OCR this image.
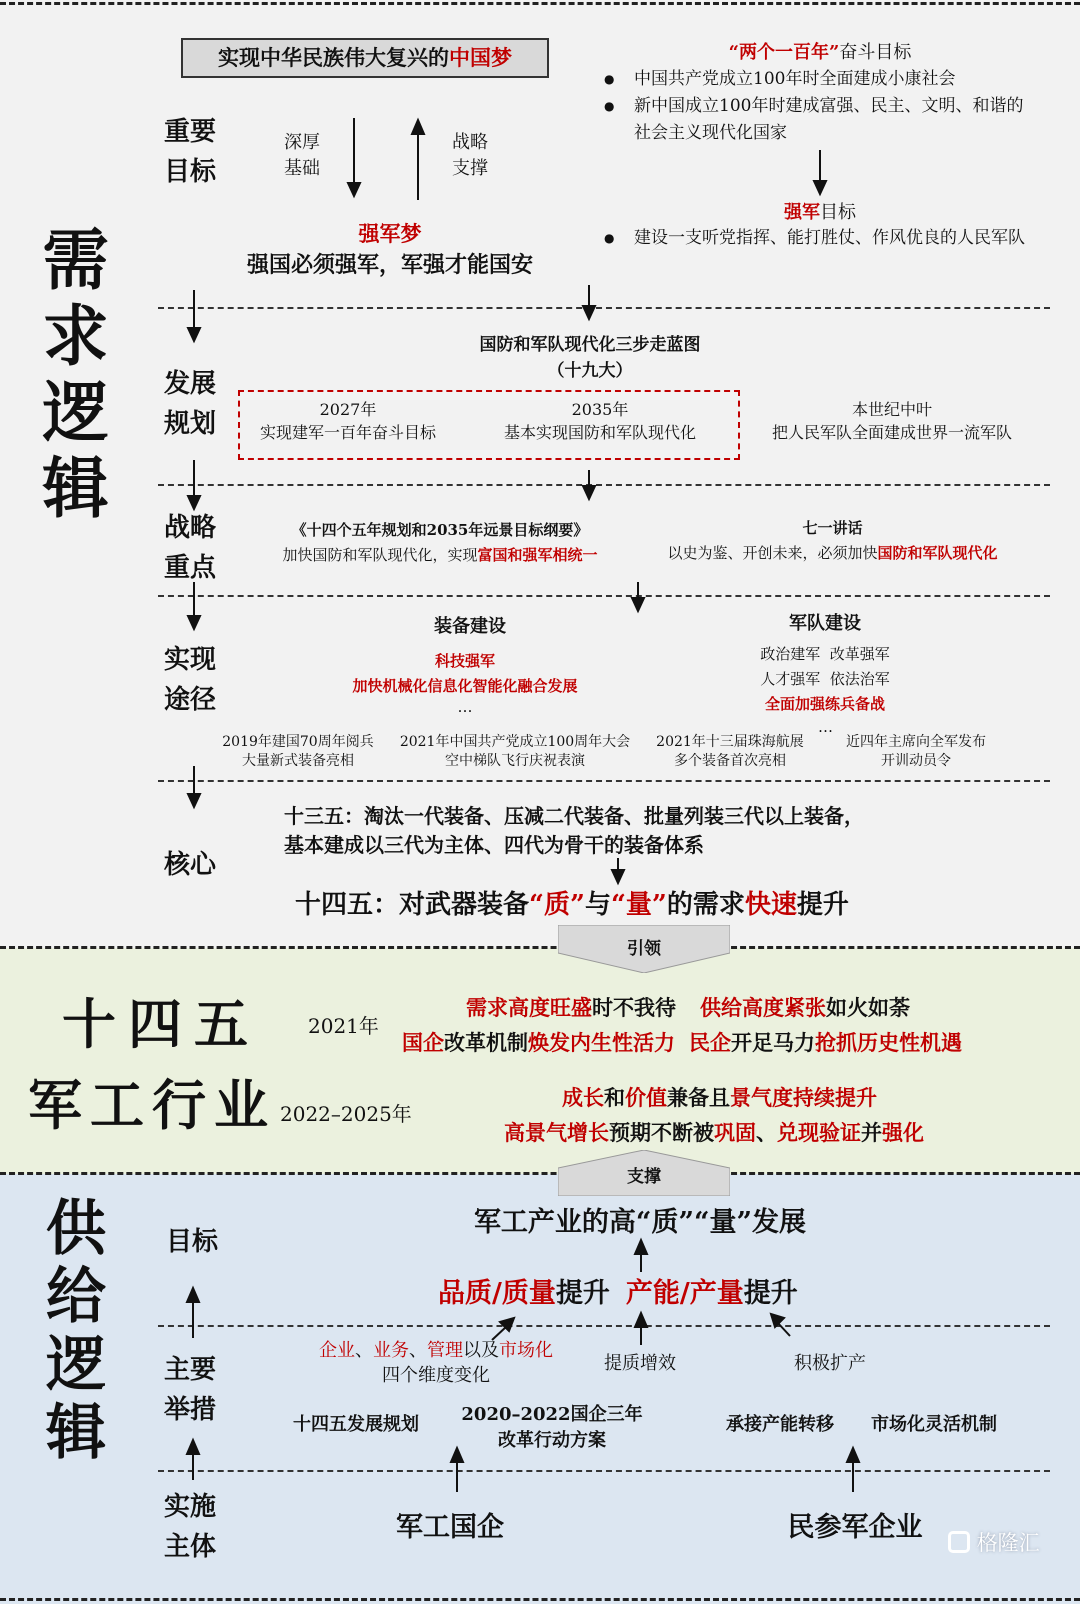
需求逻辑
重要目标
发展规划
战略重点
实现途径
核心
实现中华民族伟大复兴的中国梦
深厚基础
战略支撑
强军梦
强国必须强军，军强才能国安
“两个一百年”奋斗目标
● 中国共产党成立100年时全面建成小康社会
● 新中国成立100年时建成富强、民主、文明、和谐的社会主义现代化国家
强军目标
● 建设一支听党指挥、能打胜仗、作风优良的人民军队
国防和军队现代化三步走蓝图
（十九大）
2027年
实现建军一百年奋斗目标
2035年
基本实现国防和军队现代化
本世纪中叶
把人民军队全面建成世界一流军队
《十四个五年规划和2035年远景目标纲要》
加快国防和军队现代化，实现富国和强军相统一
七一讲话
以史为鉴、开创未来，必须加快国防和军队现代化
装备建设
科技强军
加快机械化信息化智能化融合发展
…
军队建设
政治建军  改革强军
人才强军  依法治军
全面加强练兵备战
…
2019年建国70周年阅兵
大量新式装备亮相
2021年中国共产党成立100周年大会
空中梯队飞行庆祝表演
2021年十三届珠海航展
多个装备首次亮相
近四年主席向全军发布
开训动员令
十三五：淘汰一代装备、压减二代装备、批量列装三代以上装备，
基本建成以三代为主体、四代为骨干的装备体系
十四五：对武器装备“质”与“量”的需求快速提升
引领
十四五
军工行业
2021年
2022–2025年
需求高度旺盛时不我待 供给高度紧张如火如荼
国企改革机制焕发内生性活力 民企开足马力抢抓历史性机遇
成长和价值兼备且景气度持续提升
高景气增长预期不断被巩固、兑现验证并强化
支撑
供给逻辑 目标
主要举措
实施主体
军工产业的高“质”“量”发展
品质/质量提升 产能/产量提升
企业、业务、管理以及市场化
四个维度变化
提质增效	积极扩产
十四五发展规划	2020–2022国企三年
改革行动方案
承接产能转移	市场化灵活机制
军工国企	民参军企业	格隆汇
